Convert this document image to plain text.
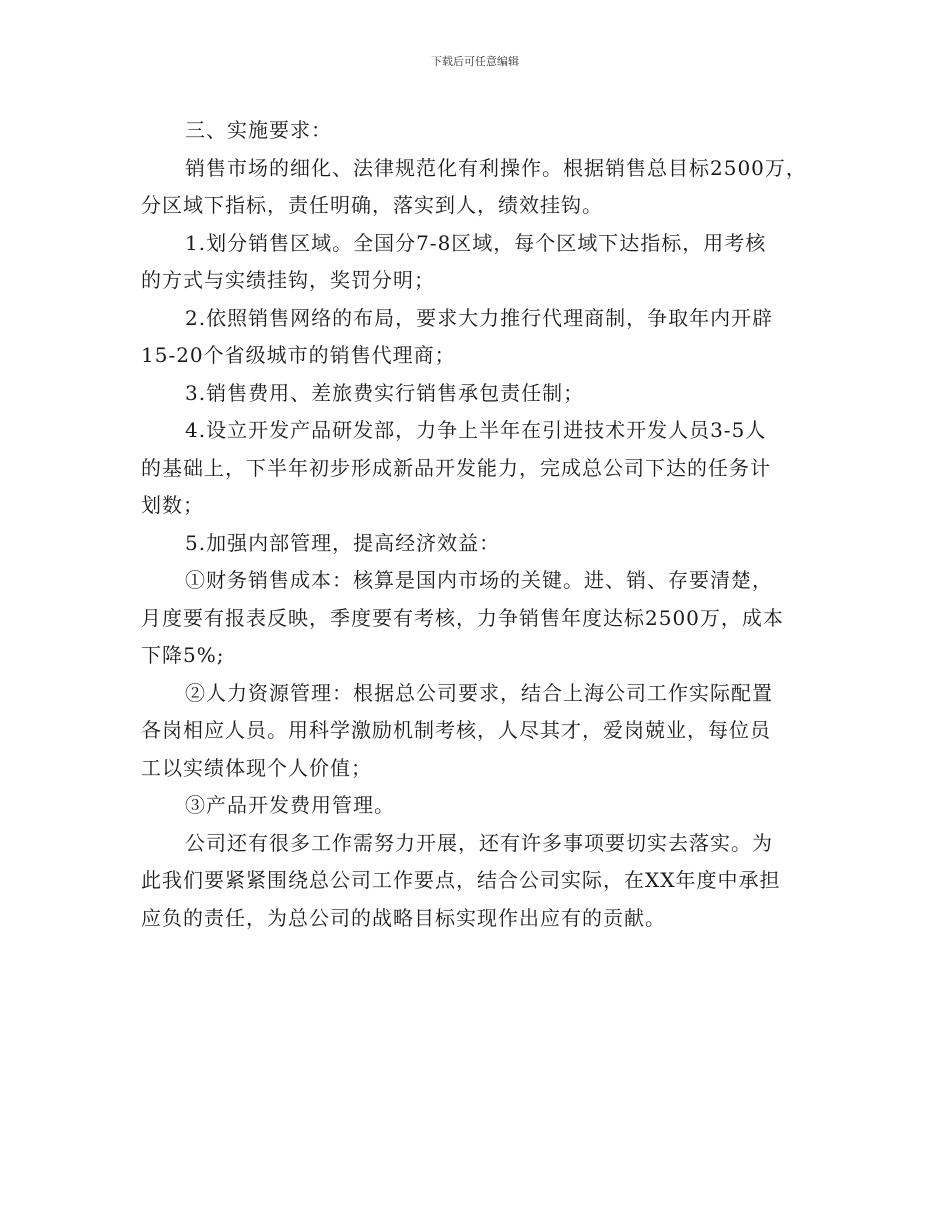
下载后可任意编辑

三、实施要求：

销售市场的细化、法律规范化有利操作。根据销售总目标2500万，
分区域下指标，责任明确，落实到人，绩效挂钩。

1.划分销售区域。全国分7-8区域，每个区域下达指标，用考核
的方式与实绩挂钩，奖罚分明；

2.依照销售网络的布局，要求大力推行代理商制，争取年内开辟
15-20个省级城市的销售代理商；

3.销售费用、差旅费实行销售承包责任制；

4.设立开发产品研发部，力争上半年在引进技术开发人员3-5人
的基础上，下半年初步形成新品开发能力，完成总公司下达的任务计
划数；

5.加强内部管理，提高经济效益：

①财务销售成本：核算是国内市场的关键。进、销、存要清楚，
月度要有报表反映，季度要有考核，力争销售年度达标2500万，成本
下降5%;

②人力资源管理：根据总公司要求，结合上海公司工作实际配置
各岗相应人员。用科学激励机制考核，人尽其才，爱岗兢业，每位员
工以实绩体现个人价值；

③产品开发费用管理。

公司还有很多工作需努力开展，还有许多事项要切实去落实。为
此我们要紧紧围绕总公司工作要点，结合公司实际，在XX年度中承担
应负的责任，为总公司的战略目标实现作出应有的贡献。
